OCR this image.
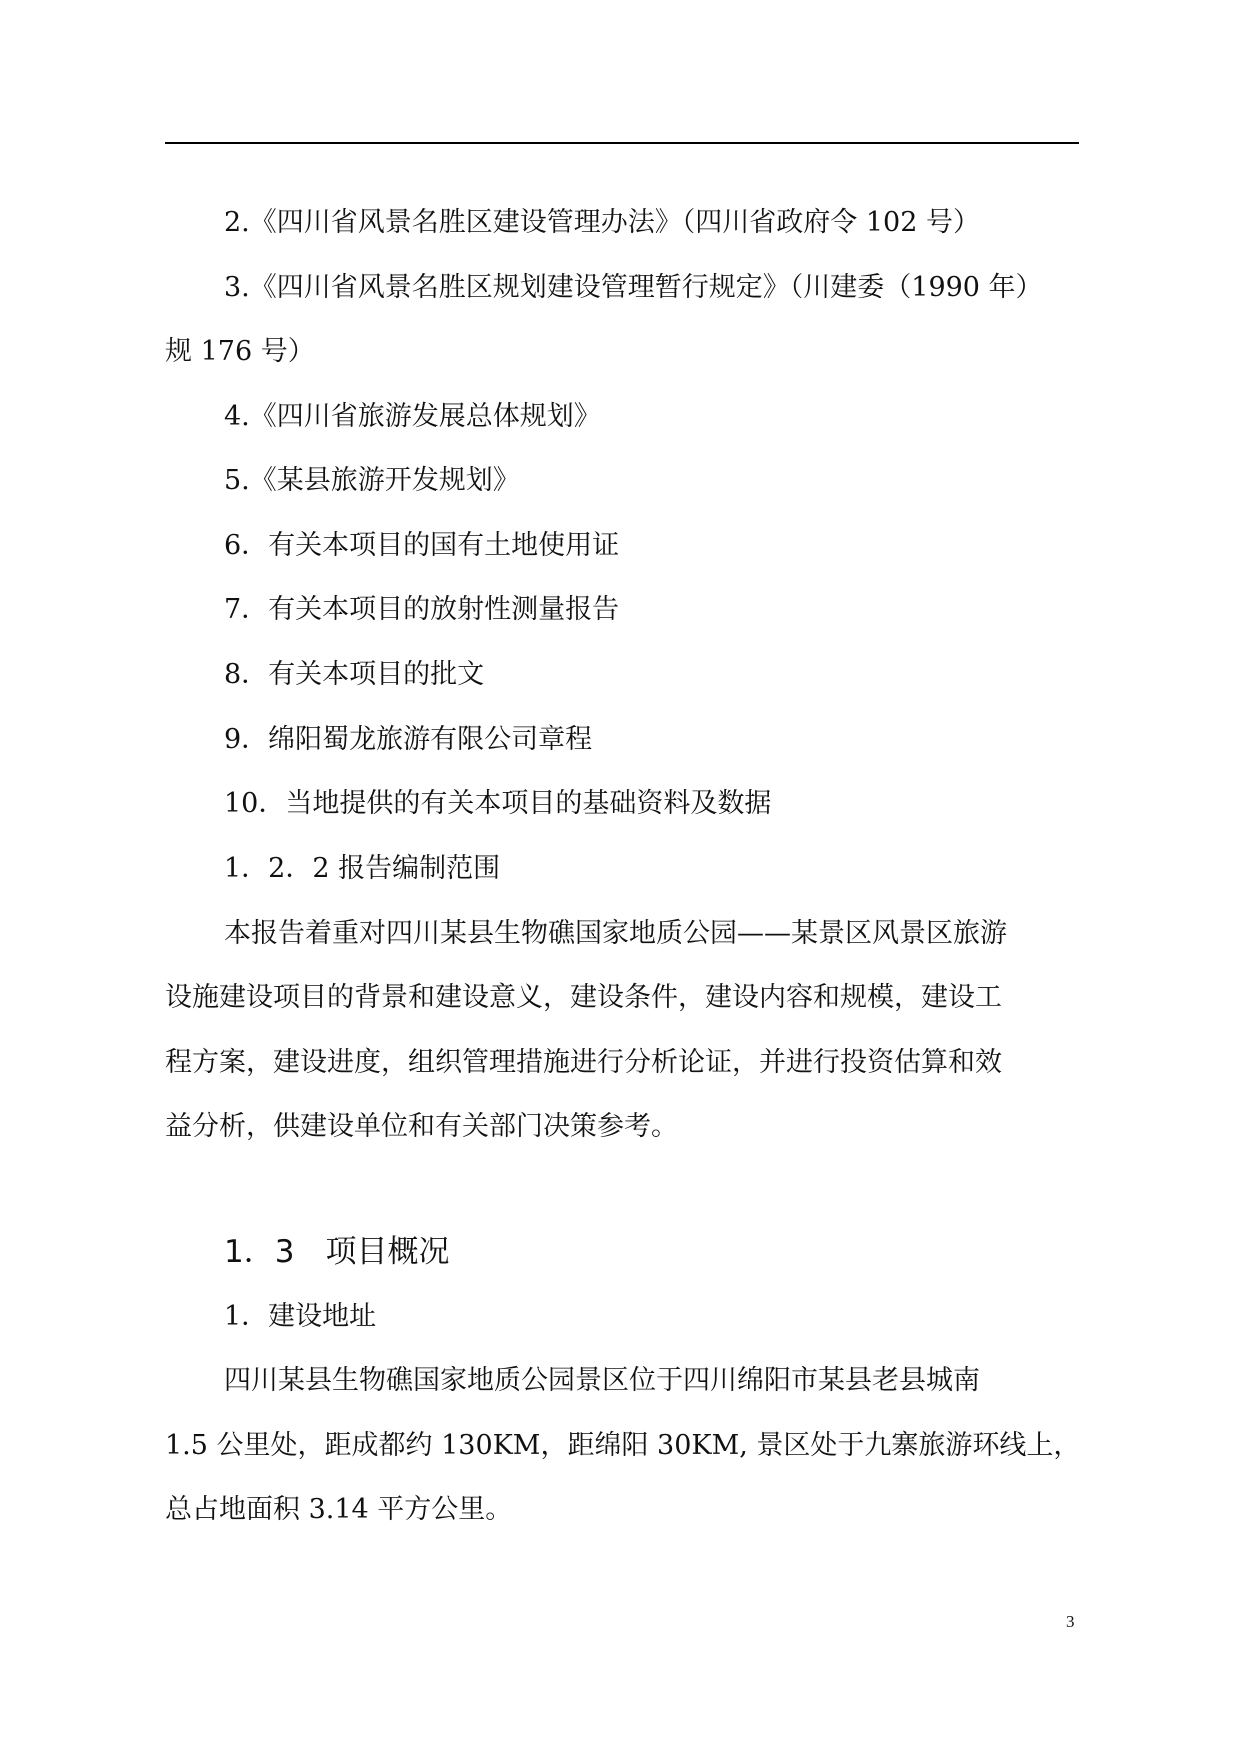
2.《四川省风景名胜区建设管理办法》（四川省政府令 102 号）
3.《四川省风景名胜区规划建设管理暂行规定》（川建委（1990 年）
规 176 号）
4.《四川省旅游发展总体规划》
5.《某县旅游开发规划》
6．有关本项目的国有土地使用证
7．有关本项目的放射性测量报告
8．有关本项目的批文
9．绵阳蜀龙旅游有限公司章程
10．当地提供的有关本项目的基础资料及数据
1．2．2 报告编制范围
本报告着重对四川某县生物礁国家地质公园——某景区风景区旅游
设施建设项目的背景和建设意义，建设条件，建设内容和规模，建设工
程方案，建设进度，组织管理措施进行分析论证，并进行投资估算和效
益分析，供建设单位和有关部门决策参考。
1．3　项目概况
1．建设地址
四川某县生物礁国家地质公园景区位于四川绵阳市某县老县城南
1.5 公里处，距成都约 130KM，距绵阳 30KM, 景区处于九寨旅游环线上，
总占地面积 3.14 平方公里。
3
